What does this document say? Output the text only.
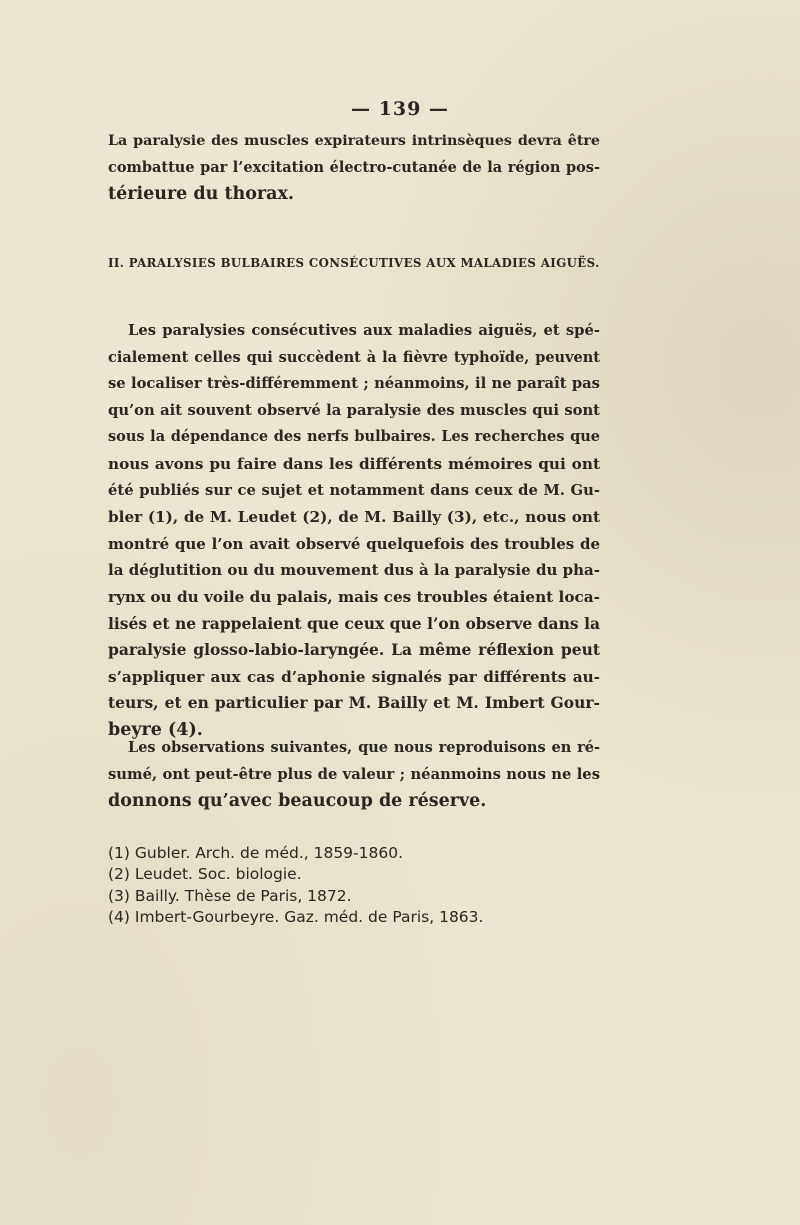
— 139 —
La paralysie des muscles expirateurs intrinsèques devra être
combattue par l’excitation électro-cutanée de la région pos-
térieure du thorax.
II. PARALYSIES BULBAIRES CONSÉCUTIVES AUX MALADIES AIGUËS.
Les paralysies consécutives aux maladies aiguës, et spé-
cialement celles qui succèdent à la fièvre typhoïde, peuvent
se localiser très-différemment ; néanmoins, il ne paraît pas
qu’on ait souvent observé la paralysie des muscles qui sont
sous la dépendance des nerfs bulbaires. Les recherches que
nous avons pu faire dans les différents mémoires qui ont
été publiés sur ce sujet et notamment dans ceux de M. Gu-
bler (1), de M. Leudet (2), de M. Bailly (3), etc., nous ont
montré que l’on avait observé quelquefois des troubles de
la déglutition ou du mouvement dus à la paralysie du pha-
rynx ou du voile du palais, mais ces troubles étaient loca-
lisés et ne rappelaient que ceux que l’on observe dans la
paralysie glosso-labio-laryngée. La même réflexion peut
s’appliquer aux cas d’aphonie signalés par différents au-
teurs, et en particulier par M. Bailly et M. Imbert Gour-
beyre (4).
Les observations suivantes, que nous reproduisons en ré-
sumé, ont peut-être plus de valeur ; néanmoins nous ne les
donnons qu’avec beaucoup de réserve.
(1) Gubler. Arch. de méd., 1859-1860.
(2) Leudet. Soc. biologie.
(3) Bailly. Thèse de Paris, 1872.
(4) Imbert-Gourbeyre. Gaz. méd. de Paris, 1863.
